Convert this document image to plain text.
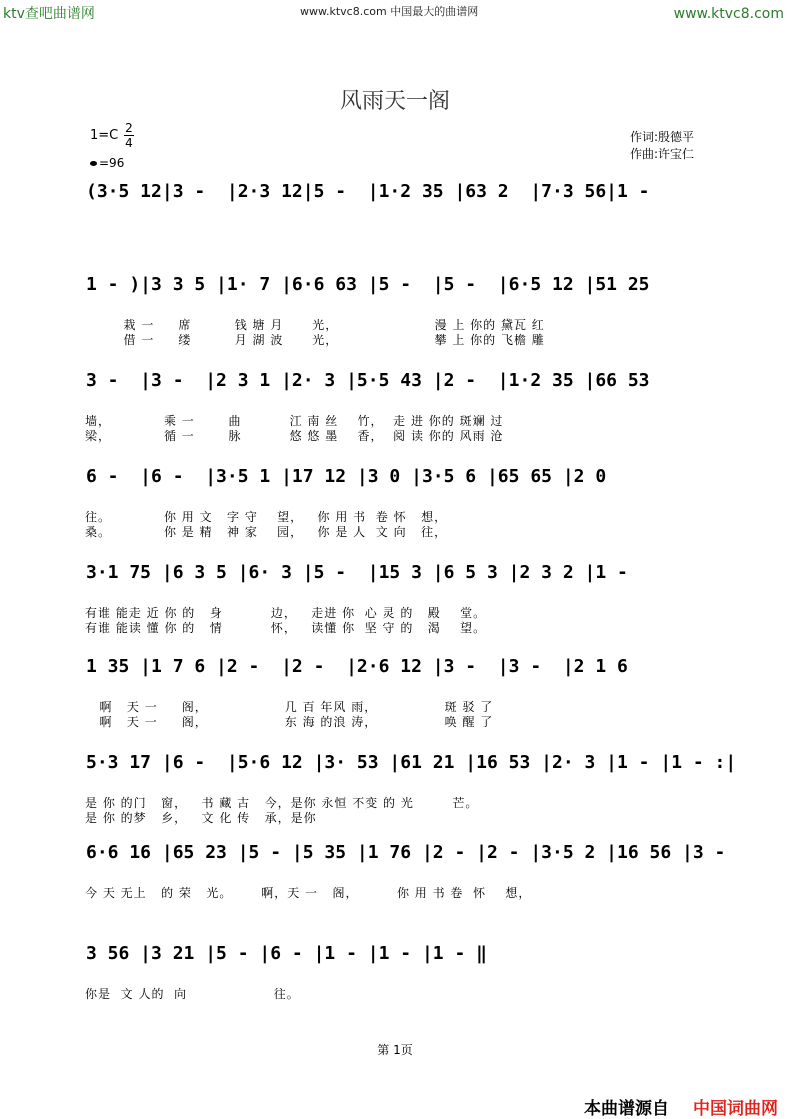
ktv查吧曲谱网	www.ktvc8.com 中国最大的曲谱网	www.ktvc8.com
风雨天一阁
1=C 2
4
=96
作词:殷德平
作曲:许宝仁
(3·5 12|3 -  |2·3 12|5 -  |1·2 35 |63 2  |7·3 56|1 -
1 - )|3 3 5 |1· 7 |6·6 63 |5 -  |5 -  |6·5 12 |51 25
栽 一     席         钱 塘 月      光，                    漫 上 你的 黛瓦 红
借 一     缕         月 湖 波      光，                    攀 上 你的 飞檐 雕
3 -  |3 -  |2 3 1 |2· 3 |5·5 43 |2 -  |1·2 35 |66 53
墙，           乘 一       曲          江 南 丝    竹，  走 进 你的 斑斓 过
梁，           循 一       脉          悠 悠 墨    香，  阅 读 你的 风雨 沧
6 -  |6 -  |3·5 1 |17 12 |3 0 |3·5 6 |65 65 |2 0
往。           你 用 文   字 守    望，   你 用 书  卷 怀   想，
桑。           你 是 精   神 家    园，   你 是 人  文 向   往，
3·1 75 |6 3 5 |6· 3 |5 -  |15 3 |6 5 3 |2 3 2 |1 -
有谁 能走 近 你 的   身          边，   走进 你  心 灵 的   殿    堂。
有谁 能读 懂 你 的   情          怀，   读懂 你  坚 守 的   渴    望。
1 35 |1 7 6 |2 -  |2 -  |2·6 12 |3 -  |3 -  |2 1 6
啊   天 一     阁，                几 百 年风 雨，              斑 驳 了
啊   天 一     阁，                东 海 的浪 涛，              唤 醒 了
5·3 17 |6 -  |5·6 12 |3· 53 |61 21 |16 53 |2· 3 |1 - |1 - :|
是 你 的门   窗，   书 藏 古   今，是你 永恒 不变 的 光        芒。
是 你 的梦   乡，   文 化 传   承，是你
6·6 16 |65 23 |5 - |5 35 |1 76 |2 - |2 - |3·5 2 |16 56 |3 -
今 天 无上   的 荣   光。      啊，天 一   阁，        你 用 书 卷  怀    想，
3 56 |3 21 |5 - |6 - |1 - |1 - |1 - ‖
你是  文 人的  向                  往。
第 1页
本曲谱源自 中国词曲网
